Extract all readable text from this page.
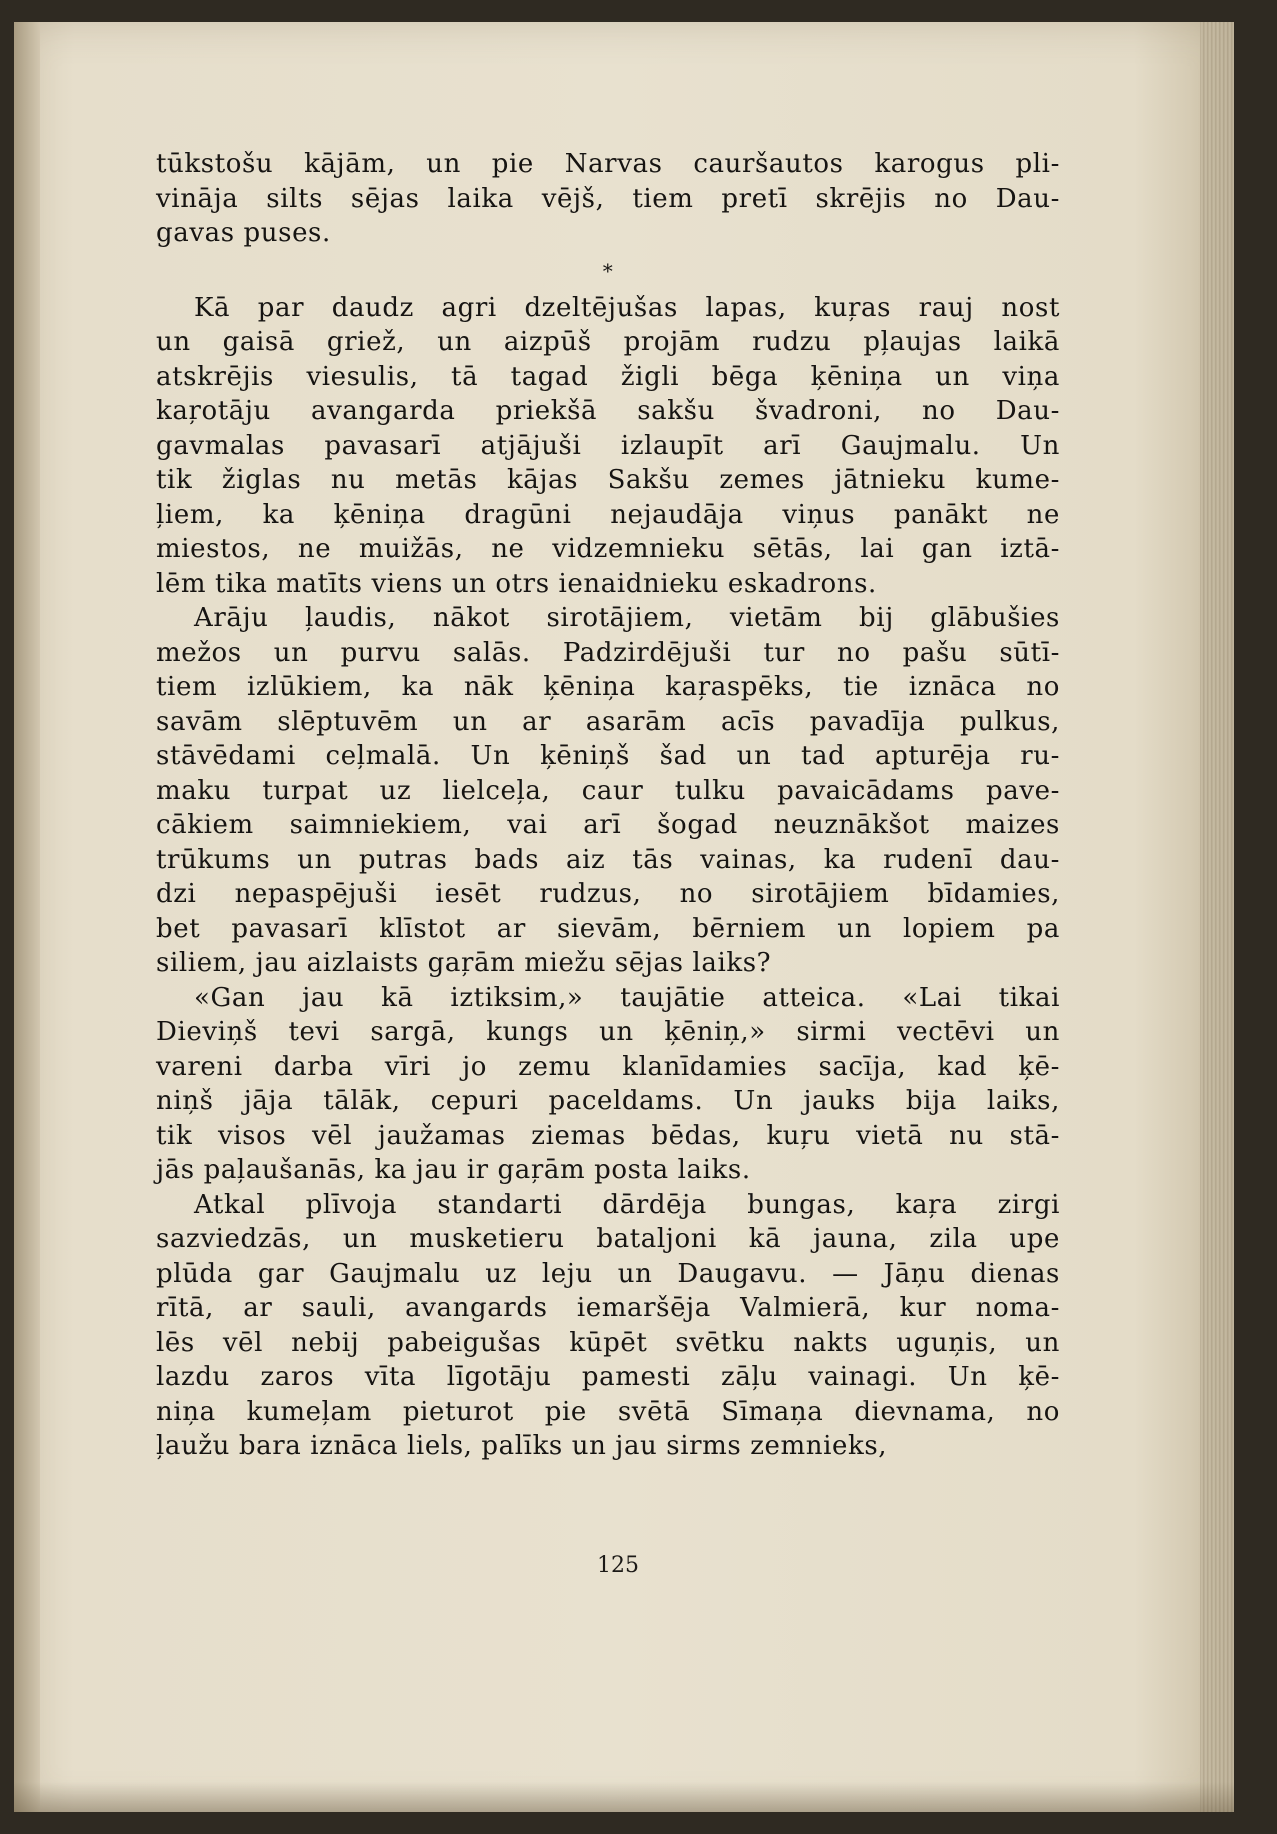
tūkstošu kājām, un pie Narvas cauršautos karogus pli-
vināja silts sējas laika vējš, tiem pretī skrējis no Dau-
gavas puses.
*
Kā par daudz agri dzeltējušas lapas, kuŗas rauj nost
un gaisā griež, un aizpūš projām rudzu pļaujas laikā
atskrējis viesulis, tā tagad žigli bēga ķēniņa un viņa
kaŗotāju avangarda priekšā sakšu švadroni, no Dau-
gavmalas pavasarī atjājuši izlaupīt arī Gaujmalu. Un
tik žiglas nu metās kājas Sakšu zemes jātnieku kume-
ļiem, ka ķēniņa dragūni nejaudāja viņus panākt ne
miestos, ne muižās, ne vidzemnieku sētās, lai gan iztā-
lēm tika matīts viens un otrs ienaidnieku eskadrons.
Arāju ļaudis, nākot sirotājiem, vietām bij glābušies
mežos un purvu salās. Padzirdējuši tur no pašu sūtī-
tiem izlūkiem, ka nāk ķēniņa kaŗaspēks, tie iznāca no
savām slēptuvēm un ar asarām acīs pavadīja pulkus,
stāvēdami ceļmalā. Un ķēniņš šad un tad apturēja ru-
maku turpat uz lielceļa, caur tulku pavaicādams pave-
cākiem saimniekiem, vai arī šogad neuznākšot maizes
trūkums un putras bads aiz tās vainas, ka rudenī dau-
dzi nepaspējuši iesēt rudzus, no sirotājiem bīdamies,
bet pavasarī klīstot ar sievām, bērniem un lopiem pa
siliem, jau aizlaists gaŗām miežu sējas laiks?
«Gan jau kā iztiksim,» taujātie atteica. «Lai tikai
Dieviņš tevi sargā, kungs un ķēniņ,» sirmi vectēvi un
vareni darba vīri jo zemu klanīdamies sacīja, kad ķē-
niņš jāja tālāk, cepuri paceldams. Un jauks bija laiks,
tik visos vēl jaužamas ziemas bēdas, kuŗu vietā nu stā-
jās paļaušanās, ka jau ir gaŗām posta laiks.
Atkal plīvoja standarti dārdēja bungas, kaŗa zirgi
sazviedzās, un musketieru bataljoni kā jauna, zila upe
plūda gar Gaujmalu uz leju un Daugavu. — Jāņu dienas
rītā, ar sauli, avangards iemaršēja Valmierā, kur noma-
lēs vēl nebij pabeigušas kūpēt svētku nakts uguņis, un
lazdu zaros vīta līgotāju pamesti zāļu vainagi. Un ķē-
niņa kumeļam pieturot pie svētā Sīmaņa dievnama, no
ļaužu bara iznāca liels, palīks un jau sirms zemnieks,
125
